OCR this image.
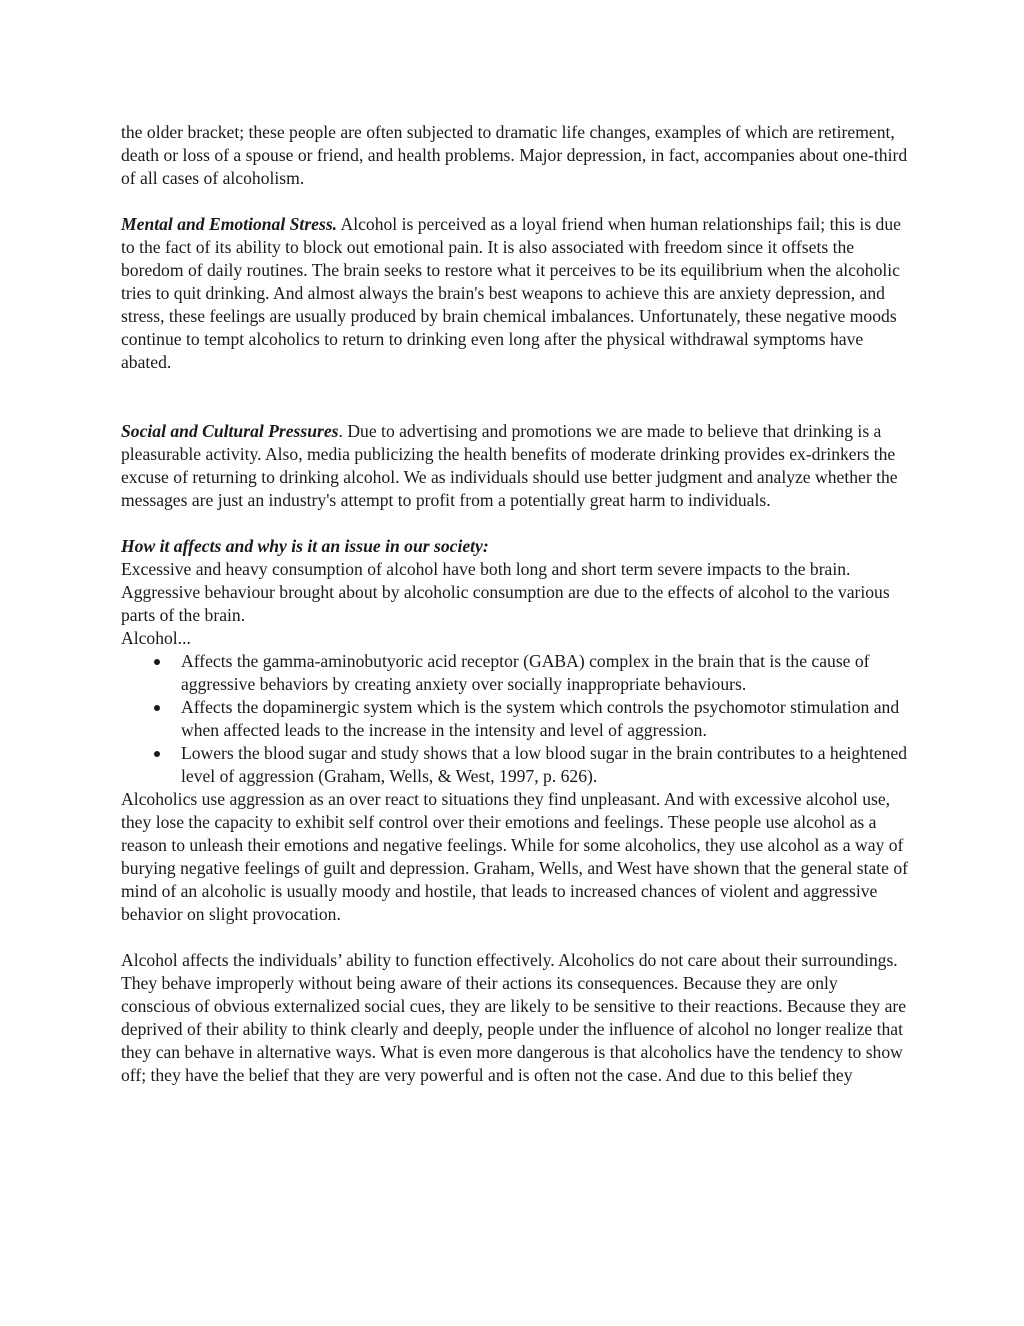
the older bracket; these people are often subjected to dramatic life changes, examples of which are retirement, death or loss of a spouse or friend, and health problems. Major depression, in fact, accompanies about one-third of all cases of alcoholism.

Mental and Emotional Stress. Alcohol is perceived as a loyal friend when human relationships fail; this is due to the fact of its ability to block out emotional pain. It is also associated with freedom since it offsets the boredom of daily routines. The brain seeks to restore what it perceives to be its equilibrium when the alcoholic tries to quit drinking. And almost always the brain's best weapons to achieve this are anxiety depression, and stress, these feelings are usually produced by brain chemical imbalances. Unfortunately, these negative moods continue to tempt alcoholics to return to drinking even long after the physical withdrawal symptoms have abated.

Social and Cultural Pressures. Due to advertising and promotions we are made to believe that drinking is a pleasurable activity. Also, media publicizing the health benefits of moderate drinking provides ex-drinkers the excuse of returning to drinking alcohol. We as individuals should use better judgment and analyze whether the messages are just an industry's attempt to profit from a potentially great harm to individuals.

How it affects and why is it an issue in our society:

Excessive and heavy consumption of alcohol have both long and short term severe impacts to the brain. Aggressive behaviour brought about by alcoholic consumption are due to the effects of alcohol to the various parts of the brain.

Alcohol...

Affects the gamma-aminobutyoric acid receptor (GABA) complex in the brain that is the cause of aggressive behaviors by creating anxiety over socially inappropriate behaviours.
Affects the dopaminergic system which is the system which controls the psychomotor stimulation and when affected leads to the increase in the intensity and level of aggression.
Lowers the blood sugar and study shows that a low blood sugar in the brain contributes to a heightened level of aggression (Graham, Wells, & West, 1997, p. 626).

Alcoholics use aggression as an over react to situations they find unpleasant. And with excessive alcohol use, they lose the capacity to exhibit self control over their emotions and feelings. These people use alcohol as a reason to unleash their emotions and negative feelings. While for some alcoholics, they use alcohol as a way of burying negative feelings of guilt and depression. Graham, Wells, and West have shown that the general state of mind of an alcoholic is usually moody and hostile, that leads to increased chances of violent and aggressive behavior on slight provocation.

Alcohol affects the individuals’ ability to function effectively. Alcoholics do not care about their surroundings. They behave improperly without being aware of their actions its consequences. Because they are only conscious of obvious externalized social cues, they are likely to be sensitive to their reactions. Because they are deprived of their ability to think clearly and deeply, people under the influence of alcohol no longer realize that they can behave in alternative ways. What is even more dangerous is that alcoholics have the tendency to show off; they have the belief that they are very powerful and is often not the case. And due to this belief they
